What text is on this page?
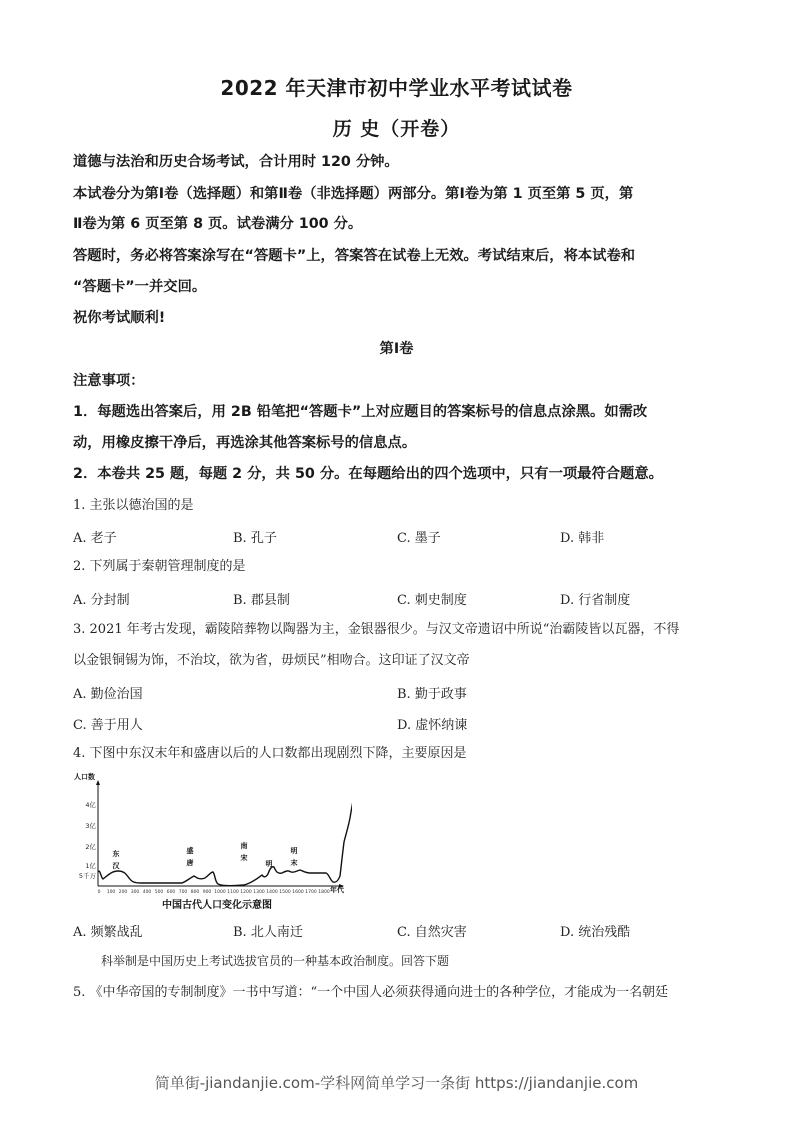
2022 年天津市初中学业水平考试试卷
历 史（开卷）
道德与法治和历史合场考试，合计用时 120 分钟。
本试卷分为第Ⅰ卷（选择题）和第Ⅱ卷（非选择题）两部分。第Ⅰ卷为第 1 页至第 5 页，第
Ⅱ卷为第 6 页至第 8 页。试卷满分 100 分。
答题时，务必将答案涂写在“答题卡”上，答案答在试卷上无效。考试结束后，将本试卷和
“答题卡”一并交回。
祝你考试顺利!
第Ⅰ卷
注意事项：
1．每题选出答案后，用 2B 铅笔把“答题卡”上对应题目的答案标号的信息点涂黑。如需改
动，用橡皮擦干净后，再选涂其他答案标号的信息点。
2．本卷共 25 题，每题 2 分，共 50 分。在每题给出的四个选项中，只有一项最符合题意。
1. 主张以德治国的是
A. 老子	B. 孔子	C. 墨子	D. 韩非
2. 下列属于秦朝管理制度的是
A. 分封制	B. 郡县制	C. 刺史制度	D. 行省制度
3. 2021 年考古发现，霸陵陪葬物以陶器为主，金银器很少。与汉文帝遗诏中所说“治霸陵皆以瓦器，不得
以金银铜锡为饰，不治坟，欲为省，毋烦民”相吻合。这印证了汉文帝
A. 勤俭治国	B. 勤于政事
C. 善于用人	D. 虚怀纳谏
4. 下图中东汉末年和盛唐以后的人口数都出现剧烈下降，主要原因是
人口数
5千万
1亿
2亿
3亿
4亿
0 100 200 300 400 500 600 700 800 900 1000 1100 1200 1300 1400 1500 1600 1700 1800 年代
东
汉
盛
唐
南
宋
明
明
末
中国古代人口变化示意图
A. 频繁战乱	B. 北人南迁	C. 自然灾害	D. 统治残酷
科举制是中国历史上考试选拔官员的一种基本政治制度。回答下题
5. 《中华帝国的专制制度》一书中写道：“一个中国人必须获得通向进士的各种学位，才能成为一名朝廷
简单街-jiandanjie.com-学科网简单学习一条街 https://jiandanjie.com
